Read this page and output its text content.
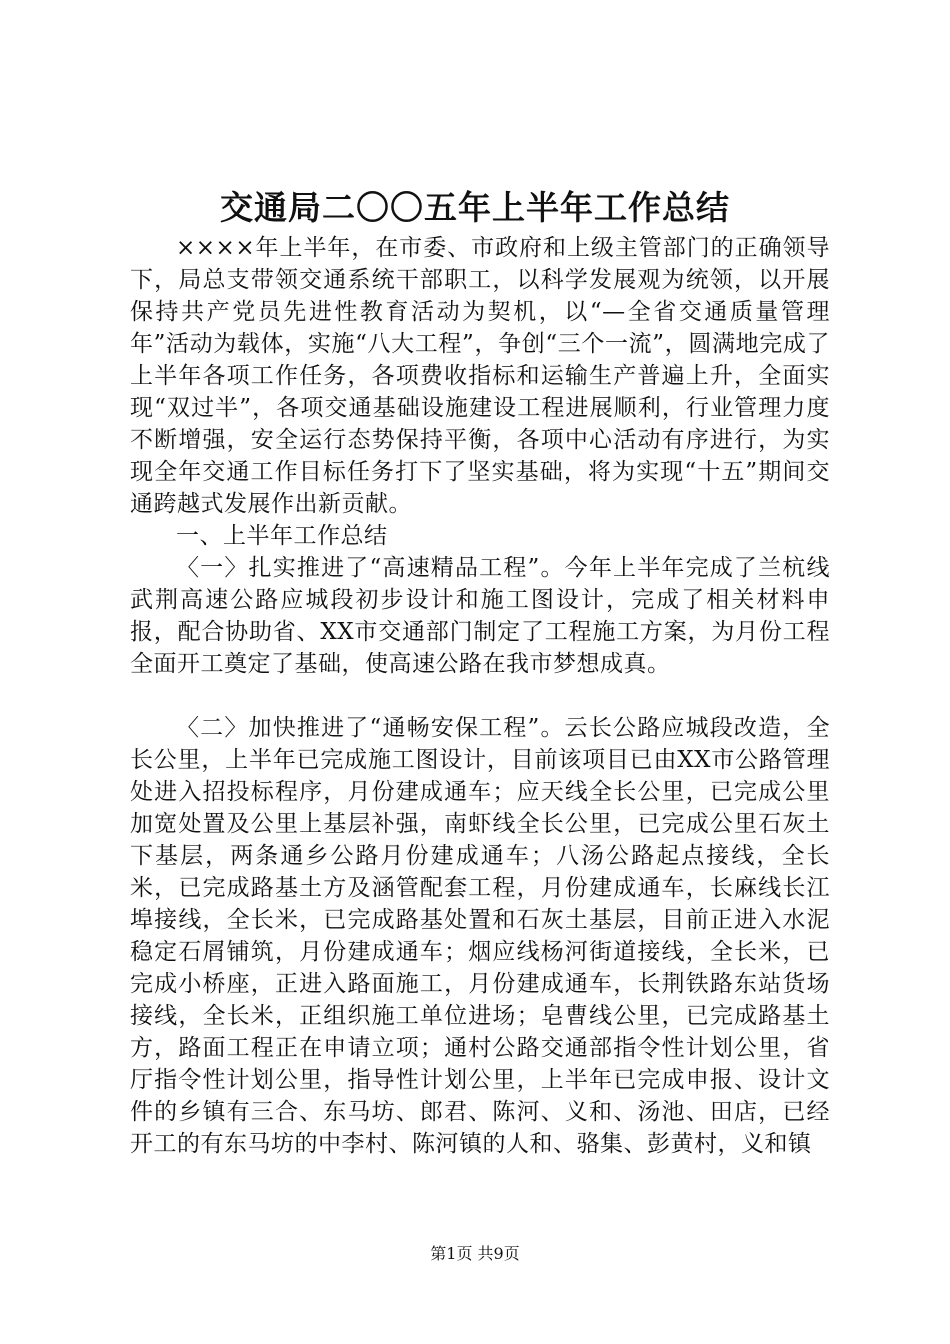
交通局二〇〇五年上半年工作总结

××××年上半年，在市委、市政府和上级主管部门的正确领导下，局总支带领交通系统干部职工，以科学发展观为统领，以开展保持共产党员先进性教育活动为契机，以“—全省交通质量管理年”活动为载体，实施“八大工程”，争创“三个一流”，圆满地完成了上半年各项工作任务，各项费收指标和运输生产普遍上升，全面实现“双过半”，各项交通基础设施建设工程进展顺利，行业管理力度不断增强，安全运行态势保持平衡，各项中心活动有序进行，为实现全年交通工作目标任务打下了坚实基础，将为实现“十五”期间交通跨越式发展作出新贡献。

一、上半年工作总结

〈一〉扎实推进了“高速精品工程”。今年上半年完成了兰杭线武荆高速公路应城段初步设计和施工图设计，完成了相关材料申报，配合协助省、XX市交通部门制定了工程施工方案，为月份工程全面开工奠定了基础，使高速公路在我市梦想成真。

〈二〉加快推进了“通畅安保工程”。云长公路应城段改造，全长公里，上半年已完成施工图设计，目前该项目已由XX市公路管理处进入招投标程序，月份建成通车；应天线全长公里，已完成公里加宽处置及公里上基层补强，南虾线全长公里，已完成公里石灰土下基层，两条通乡公路月份建成通车；八汤公路起点接线，全长米，已完成路基土方及涵管配套工程，月份建成通车，长麻线长江埠接线，全长米，已完成路基处置和石灰土基层，目前正进入水泥稳定石屑铺筑，月份建成通车；烟应线杨河街道接线，全长米，已完成小桥座，正进入路面施工，月份建成通车，长荆铁路东站货场接线，全长米，正组织施工单位进场；皂曹线公里，已完成路基土方，路面工程正在申请立项；通村公路交通部指令性计划公里，省厅指令性计划公里，指导性计划公里，上半年已完成申报、设计文件的乡镇有三合、东马坊、郎君、陈河、义和、汤池、田店，已经开工的有东马坊的中李村、陈河镇的人和、骆集、彭黄村，义和镇

第1页 共9页
